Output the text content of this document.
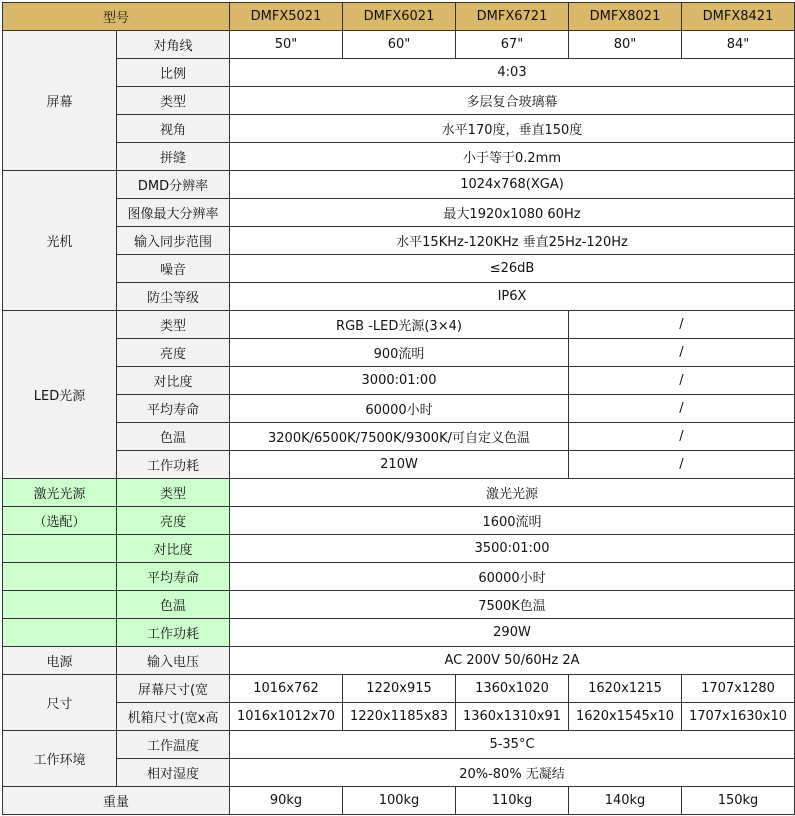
型号		DMFX5021	DMFX6021	DMFX6721	DMFX8021	DMFX8421
屏幕	对角线	50"	60"	67"	80"	84"
	比例	4:03				
	类型	多层复合玻璃幕				
	视角	水平170度，垂直150度				
	拼缝	小于等于0.2mm				
光机	DMD分辨率	1024x768(XGA)				
	图像最大分辨率	最大1920x1080 60Hz				
	输入同步范围	水平15KHz-120KHz 垂直25Hz-120Hz				
	噪音	≤26dB				
	防尘等级	IP6X				
LED光源	类型	RGB -LED光源(3×4)			/	
	亮度	900流明			/	
	对比度	3000:01:00			/	
	平均寿命	60000小时			/	
	色温	3200K/6500K/7500K/9300K/可自定义色温			/	
	工作功耗	210W			/	
激光光源	类型	激光光源				
（选配）	亮度	1600流明				
	对比度	3500:01:00				
	平均寿命	60000小时				
	色温	7500K色温				
	工作功耗	290W				
电源	输入电压	AC 200V 50/60Hz 2A				
尺寸	屏幕尺寸(宽	1016x762	1220x915	1360x1020	1620x1215	1707x1280
	机箱尺寸(宽x高	1016x1012x70	1220x1185x83	1360x1310x91	1620x1545x10	1707x1630x10
工作环境	工作温度	5-35°C				
	相对湿度	20%-80% 无凝结				
重量		90kg	100kg	110kg	140kg	150kg
